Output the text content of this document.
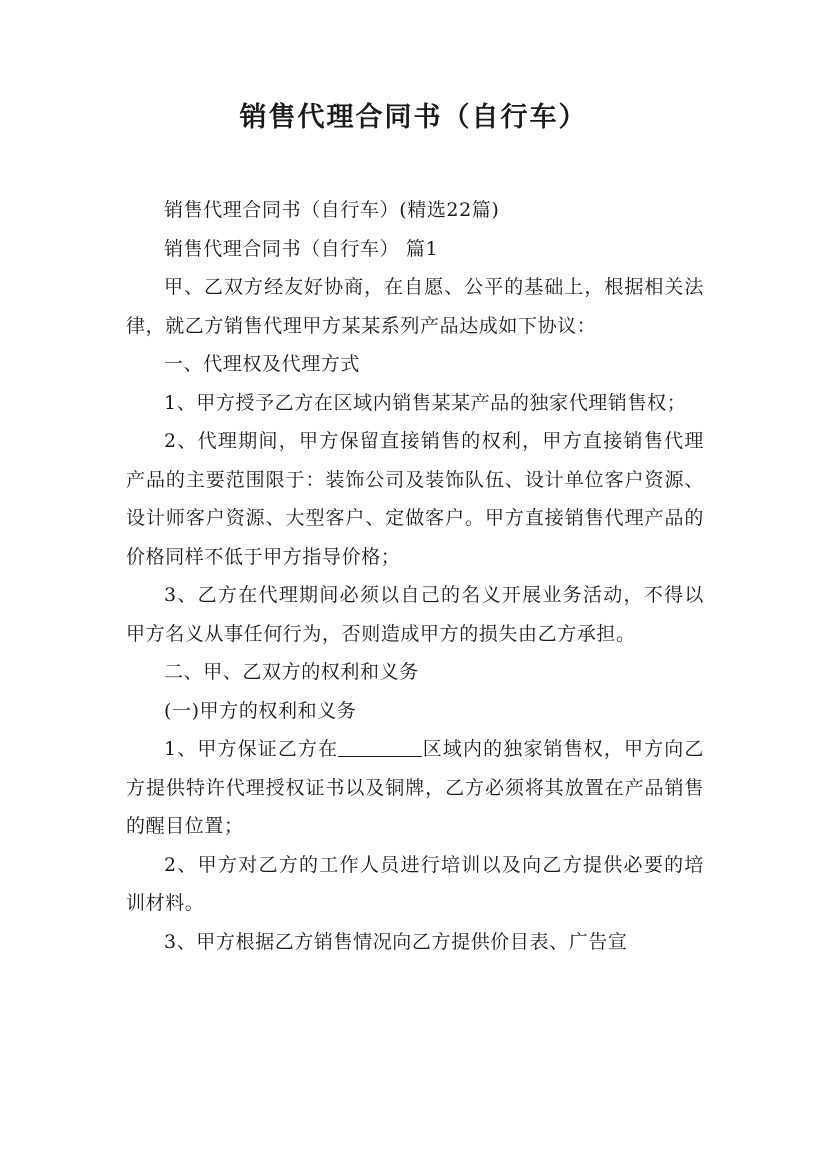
销售代理合同书（自行车）

销售代理合同书（自行车）(精选22篇)

销售代理合同书（自行车） 篇1

甲、乙双方经友好协商，在自愿、公平的基础上，根据相关法律，就乙方销售代理甲方某某系列产品达成如下协议：

一、代理权及代理方式

1、甲方授予乙方在区域内销售某某产品的独家代理销售权；

2、代理期间，甲方保留直接销售的权利，甲方直接销售代理产品的主要范围限于：装饰公司及装饰队伍、设计单位客户资源、设计师客户资源、大型客户、定做客户。甲方直接销售代理产品的价格同样不低于甲方指导价格；

3、乙方在代理期间必须以自己的名义开展业务活动，不得以甲方名义从事任何行为，否则造成甲方的损失由乙方承担。

二、甲、乙双方的权利和义务

(一)甲方的权利和义务

1、甲方保证乙方在	区域内的独家销售权，甲方向乙方提供特许代理授权证书以及铜牌，乙方必须将其放置在产品销售的醒目位置；

2、甲方对乙方的工作人员进行培训以及向乙方提供必要的培训材料。

3、甲方根据乙方销售情况向乙方提供价目表、广告宣
